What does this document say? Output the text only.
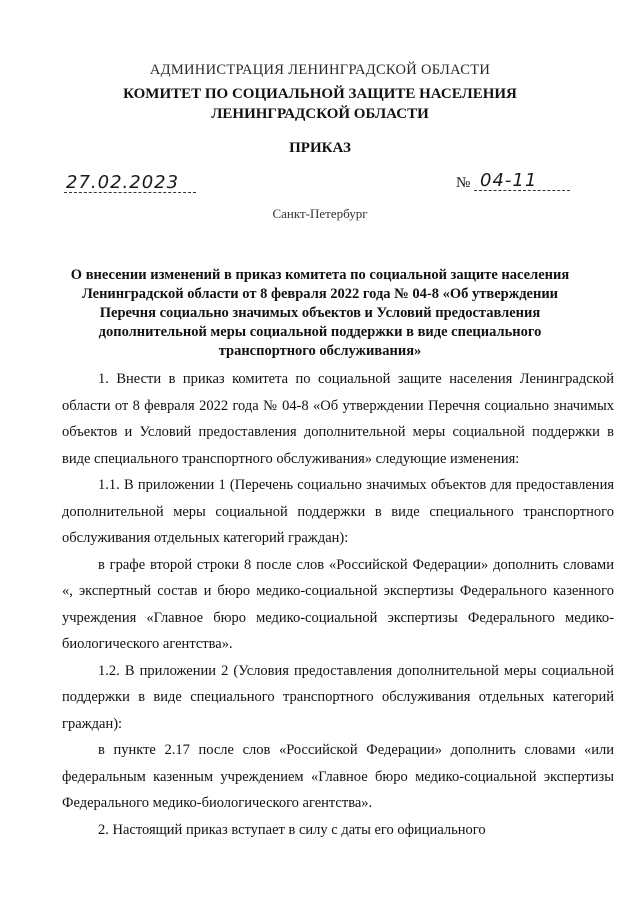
АДМИНИСТРАЦИЯ ЛЕНИНГРАДСКОЙ ОБЛАСТИ
КОМИТЕТ ПО СОЦИАЛЬНОЙ ЗАЩИТЕ НАСЕЛЕНИЯ
ЛЕНИНГРАДСКОЙ ОБЛАСТИ
ПРИКАЗ
27.02.2023	№ 04-11
Санкт-Петербург
О внесении изменений в приказ комитета по социальной защите населения
Ленинградской области от 8 февраля 2022 года № 04-8 «Об утверждении
Перечня социально значимых объектов и Условий предоставления
дополнительной меры социальной поддержки в виде специального
транспортного обслуживания»

1. Внести в приказ комитета по социальной защите населения Ленинградской области от 8 февраля 2022 года № 04-8 «Об утверждении Перечня социально значимых объектов и Условий предоставления дополнительной меры социальной поддержки в виде специального транспортного обслуживания» следующие изменения:

1.1. В приложении 1 (Перечень социально значимых объектов для предоставления дополнительной меры социальной поддержки в виде специального транспортного обслуживания отдельных категорий граждан):

в графе второй строки 8 после слов «Российской Федерации» дополнить словами «, экспертный состав и бюро медико-социальной экспертизы Федерального казенного учреждения «Главное бюро медико-социальной экспертизы Федерального медико-биологического агентства».

1.2. В приложении 2 (Условия предоставления дополнительной меры социальной поддержки в виде специального транспортного обслуживания отдельных категорий граждан):

в пункте 2.17 после слов «Российской Федерации» дополнить словами «или федеральным казенным учреждением «Главное бюро медико-социальной экспертизы Федерального медико-биологического агентства».

2. Настоящий приказ вступает в силу с даты его официального
